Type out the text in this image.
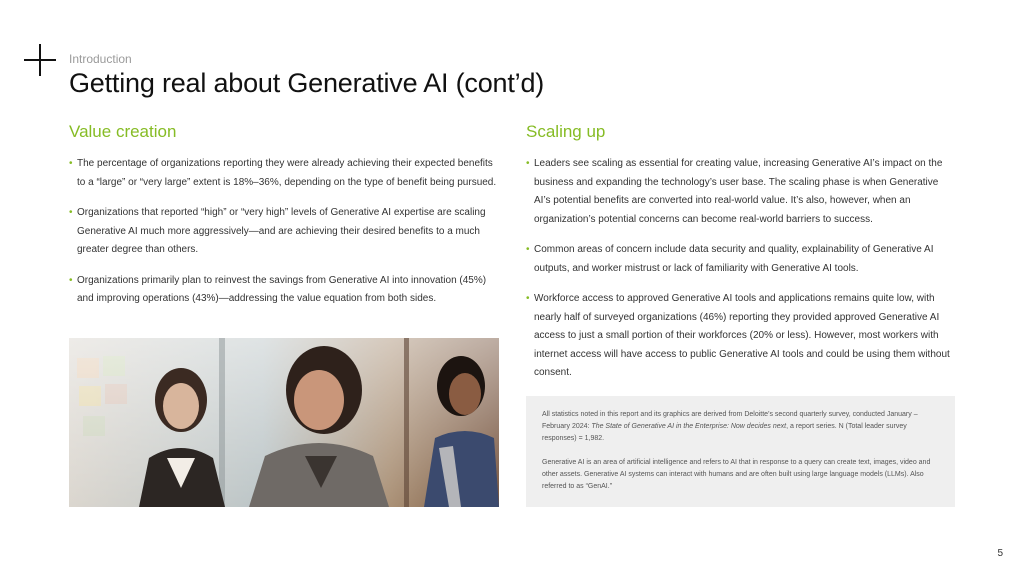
Introduction
Getting real about Generative AI (cont’d)
Value creation	Scaling up
• The percentage of organizations reporting they were already achieving their expected benefits to a “large” or “very large” extent is 18%–36%, depending on the type of benefit being pursued.
• Organizations that reported “high” or “very high” levels of Generative AI expertise are scaling Generative AI much more aggressively—and are achieving their desired benefits to a much greater degree than others.
• Organizations primarily plan to reinvest the savings from Generative AI into innovation (45%) and improving operations (43%)—addressing the value equation from both sides.
• Leaders see scaling as essential for creating value, increasing Generative AI’s impact on the business and expanding the technology’s user base. The scaling phase is when Generative AI’s potential benefits are converted into real-world value. It’s also, however, when an organization’s potential concerns can become real-world barriers to success.
• Common areas of concern include data security and quality, explainability of Generative AI outputs, and worker mistrust or lack of familiarity with Generative AI tools.
• Workforce access to approved Generative AI tools and applications remains quite low, with nearly half of surveyed organizations (46%) reporting they provided approved Generative AI access to just a small portion of their workforces (20% or less). However, most workers with internet access will have access to public Generative AI tools and could be using them without consent.

All statistics noted in this report and its graphics are derived from Deloitte’s second quarterly survey, conducted January – February 2024: The State of Generative AI in the Enterprise: Now decides next, a report series. N (Total leader survey responses) = 1,982.

Generative AI is an area of artificial intelligence and refers to AI that in response to a query can create text, images, video and other assets. Generative AI systems can interact with humans and are often built using large language models (LLMs). Also referred to as “GenAI.”

5
